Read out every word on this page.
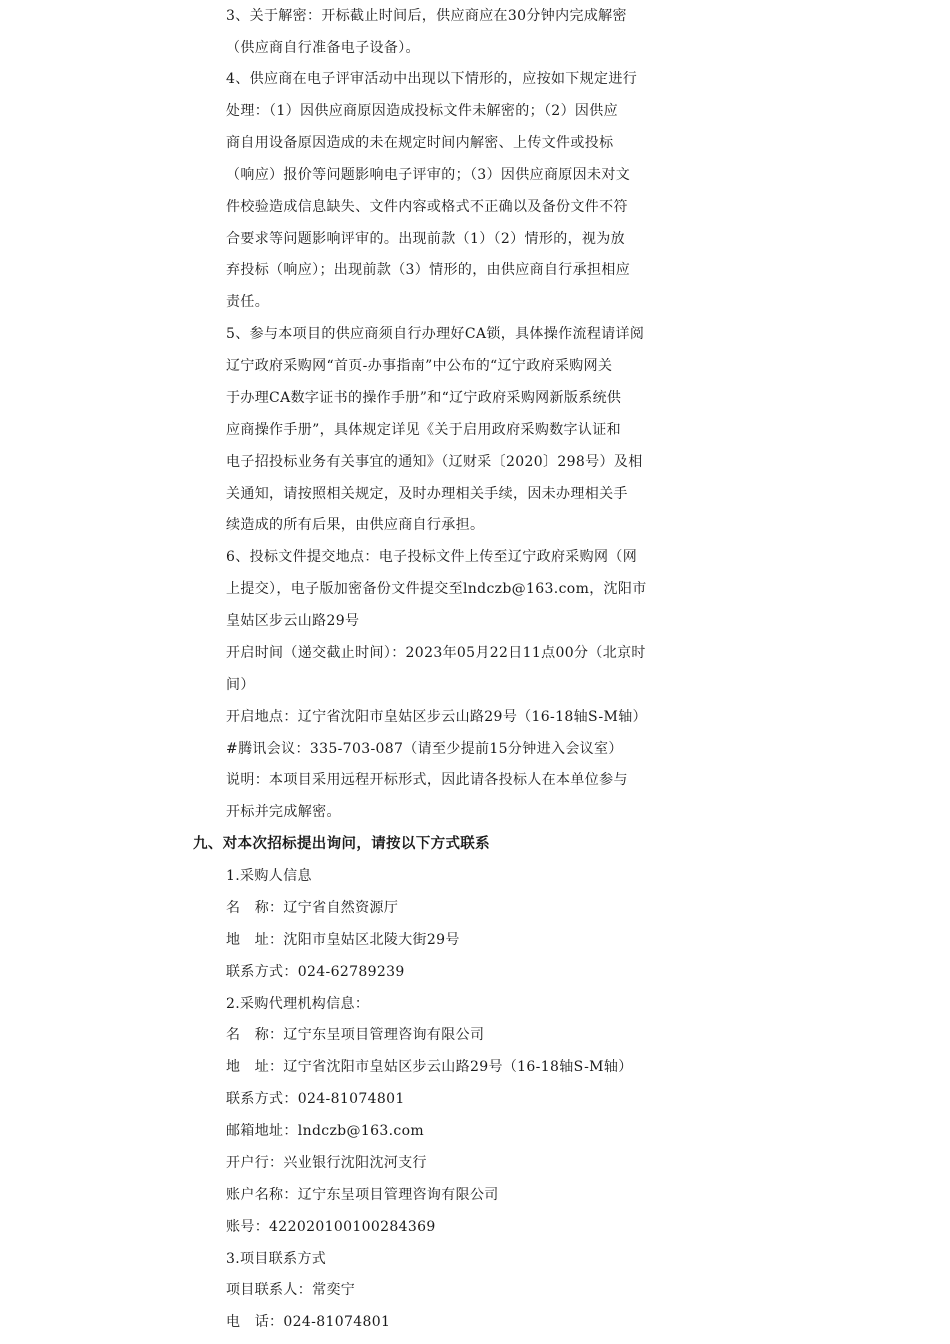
3、关于解密：开标截止时间后，供应商应在30分钟内完成解密
（供应商自行准备电子设备）。
4、供应商在电子评审活动中出现以下情形的，应按如下规定进行
处理：（1）因供应商原因造成投标文件未解密的；（2）因供应
商自用设备原因造成的未在规定时间内解密、上传文件或投标
（响应）报价等问题影响电子评审的；（3）因供应商原因未对文
件校验造成信息缺失、文件内容或格式不正确以及备份文件不符
合要求等问题影响评审的。出现前款（1）（2）情形的，视为放
弃投标（响应）；出现前款（3）情形的，由供应商自行承担相应
责任。
5、参与本项目的供应商须自行办理好CA锁，具体操作流程请详阅
辽宁政府采购网“首页-办事指南”中公布的“辽宁政府采购网关
于办理CA数字证书的操作手册”和“辽宁政府采购网新版系统供
应商操作手册”，具体规定详见《关于启用政府采购数字认证和
电子招投标业务有关事宜的通知》（辽财采〔2020〕298号）及相
关通知，请按照相关规定，及时办理相关手续，因未办理相关手
续造成的所有后果，由供应商自行承担。
6、投标文件提交地点：电子投标文件上传至辽宁政府采购网（网
上提交），电子版加密备份文件提交至lndczb@163.com，沈阳市
皇姑区步云山路29号
开启时间（递交截止时间）：2023年05月22日11点00分（北京时
间）
开启地点：辽宁省沈阳市皇姑区步云山路29号（16-18轴S-M轴）
#腾讯会议：335-703-087（请至少提前15分钟进入会议室）
说明：本项目采用远程开标形式，因此请各投标人在本单位参与
开标并完成解密。
九、对本次招标提出询问，请按以下方式联系
1.采购人信息
名　称：辽宁省自然资源厅
地　址：沈阳市皇姑区北陵大街29号
联系方式：024-62789239
2.采购代理机构信息：
名　称：辽宁东呈项目管理咨询有限公司
地　址：辽宁省沈阳市皇姑区步云山路29号（16-18轴S-M轴）
联系方式：024-81074801
邮箱地址：lndczb@163.com
开户行：兴业银行沈阳沈河支行
账户名称：辽宁东呈项目管理咨询有限公司
账号：422020100100284369
3.项目联系方式
项目联系人：常奕宁
电　话：024-81074801
